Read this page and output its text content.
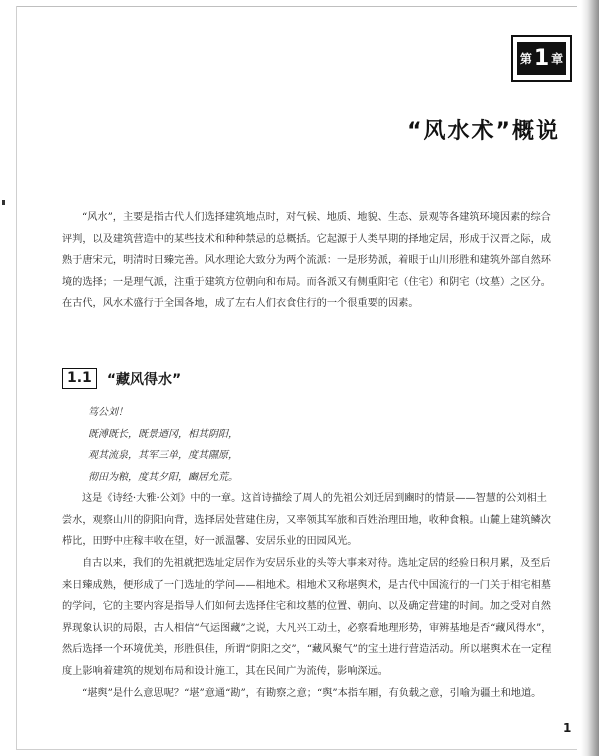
第 1 章
“风水术”概说

“风水”，主要是指古代人们选择建筑地点时，对气候、地质、地貌、生态、景观等各建筑环境因素的综合评判，以及建筑营造中的某些技术和种种禁忌的总概括。它起源于人类早期的择地定居，形成于汉晋之际，成熟于唐宋元，明清时日臻完善。风水理论大致分为两个流派：一是形势派，着眼于山川形胜和建筑外部自然环境的选择；一是理气派，注重于建筑方位朝向和布局。而各派又有侧重阳宅（住宅）和阴宅（坟墓）之区分。在古代，风水术盛行于全国各地，成了左右人们衣食住行的一个很重要的因素。

1.1	“藏风得水”
笃公刘！
既溥既长，既景迺冈，相其阴阳，
观其流泉，其军三单，度其隰原，
彻田为粮，度其夕阳，豳居允荒。

这是《诗经·大雅·公刘》中的一章。这首诗描绘了周人的先祖公刘迁居到豳时的情景——智慧的公刘相土尝水，观察山川的阴阳向背，选择居处营建住房，又率领其军旅和百姓治理田地，收种食粮。山麓上建筑鳞次栉比，田野中庄稼丰收在望，好一派温馨、安居乐业的田园风光。

自古以来，我们的先祖就把选址定居作为安居乐业的头等大事来对待。选址定居的经验日积月累，及至后来日臻成熟，便形成了一门选址的学问——相地术。相地术又称堪舆术，是古代中国流行的一门关于相宅相墓的学问，它的主要内容是指导人们如何去选择住宅和坟墓的位置、朝向、以及确定营建的时间。加之受对自然界现象认识的局限，古人相信“气运图藏”之说，大凡兴工动土，必察看地理形势，审辨基地是否“藏风得水”，然后选择一个环境优美，形胜俱佳，所谓“阴阳之交”，“藏风聚气”的宝土进行营造活动。所以堪舆术在一定程度上影响着建筑的规划布局和设计施工，其在民间广为流传，影响深远。

“堪舆”是什么意思呢？“堪”意通“勘”，有勘察之意；“舆”本指车厢，有负载之意，引喻为疆土和地道。

1
